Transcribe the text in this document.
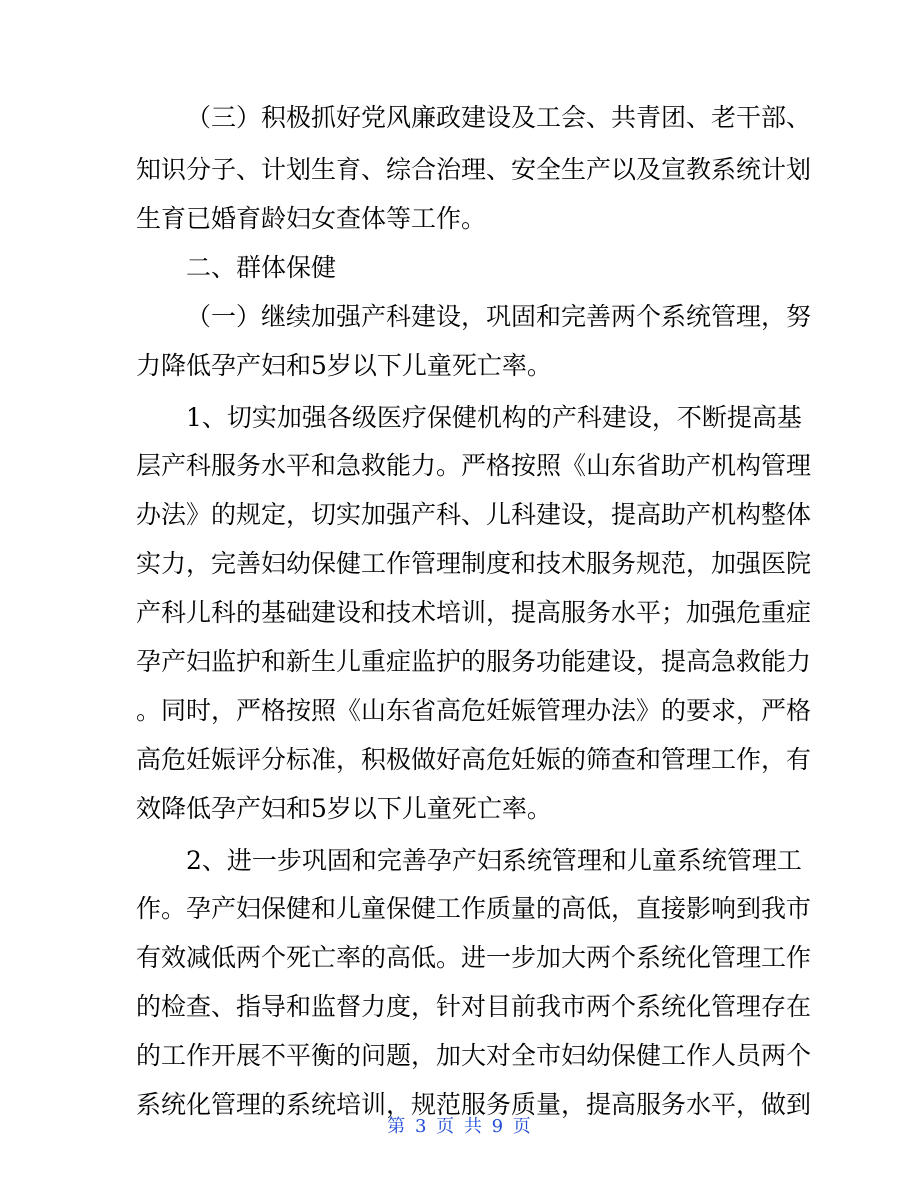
（三）积极抓好党风廉政建设及工会、共青团、老干部、
知识分子、计划生育、综合治理、安全生产以及宣教系统计划
生育已婚育龄妇女查体等工作。
二、群体保健
（一）继续加强产科建设，巩固和完善两个系统管理，努
力降低孕产妇和5岁以下儿童死亡率。
1、切实加强各级医疗保健机构的产科建设，不断提高基
层产科服务水平和急救能力。严格按照《山东省助产机构管理
办法》的规定，切实加强产科、儿科建设，提高助产机构整体
实力，完善妇幼保健工作管理制度和技术服务规范，加强医院
产科儿科的基础建设和技术培训，提高服务水平；加强危重症
孕产妇监护和新生儿重症监护的服务功能建设，提高急救能力
。同时，严格按照《山东省高危妊娠管理办法》的要求，严格
高危妊娠评分标准，积极做好高危妊娠的筛查和管理工作，有
效降低孕产妇和5岁以下儿童死亡率。
2、进一步巩固和完善孕产妇系统管理和儿童系统管理工
作。孕产妇保健和儿童保健工作质量的高低，直接影响到我市
有效减低两个死亡率的高低。进一步加大两个系统化管理工作
的检查、指导和监督力度，针对目前我市两个系统化管理存在
的工作开展不平衡的问题，加大对全市妇幼保健工作人员两个
系统化管理的系统培训，规范服务质量，提高服务水平，做到
第 3 页 共 9 页
